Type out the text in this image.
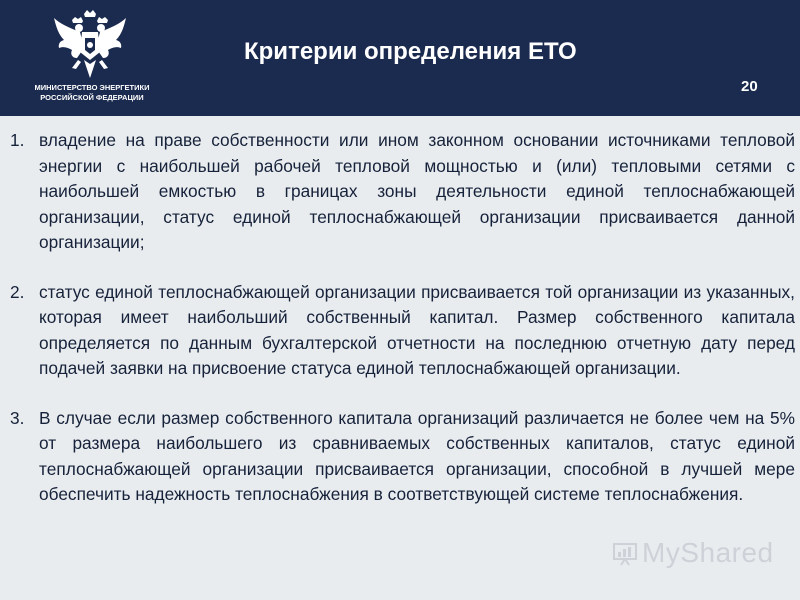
МИНИСТЕРСТВО ЭНЕРГЕТИКИ
РОССИЙСКОЙ ФЕДЕРАЦИИ
Критерии определения ЕТО
20
1. владение на праве собственности или ином законном основании источниками тепловой энергии с наибольшей рабочей тепловой мощностью и (или) тепловыми сетями с наибольшей емкостью в границах зоны деятельности единой теплоснабжающей организации, статус единой теплоснабжающей организации присваивается данной организации;
2. статус единой теплоснабжающей организации присваивается той организации из указанных, которая имеет наибольший собственный капитал. Размер собственного капитала определяется по данным бухгалтерской отчетности на последнюю отчетную дату перед подачей заявки на присвоение статуса единой теплоснабжающей организации.
3. В случае если размер собственного капитала организаций различается не более чем на 5% от размера наибольшего из сравниваемых собственных капиталов, статус единой теплоснабжающей организации присваивается организации, способной в лучшей мере обеспечить надежность теплоснабжения в соответствующей системе теплоснабжения.
MyShared
